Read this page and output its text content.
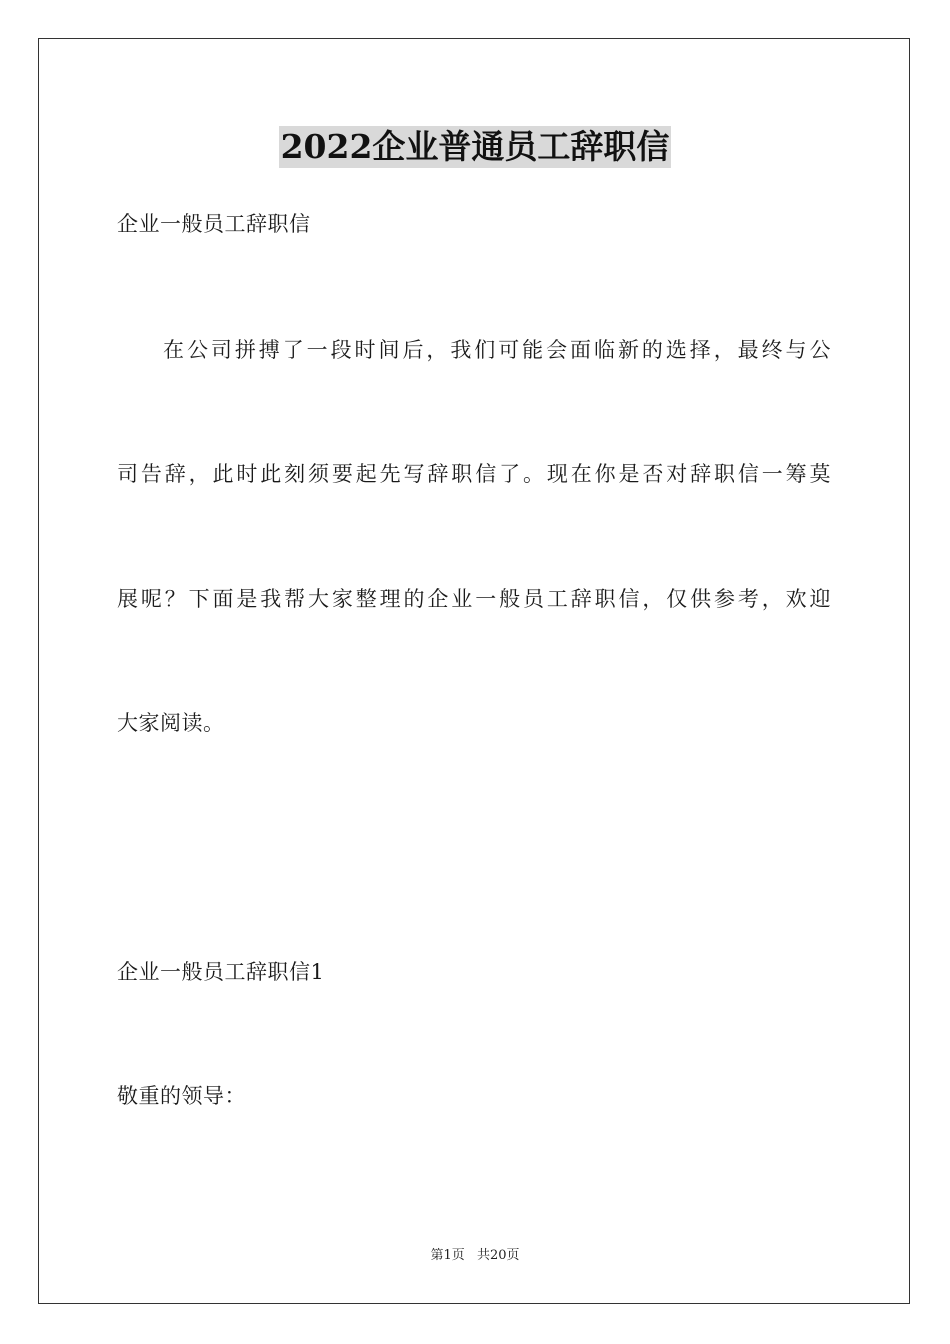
2022企业普通员工辞职信
企业一般员工辞职信
在公司拼搏了一段时间后，我们可能会面临新的选择，最终与公
司告辞，此时此刻须要起先写辞职信了。现在你是否对辞职信一筹莫
展呢？下面是我帮大家整理的企业一般员工辞职信，仅供参考，欢迎
大家阅读。
企业一般员工辞职信1
敬重的领导：
第1页 共20页
